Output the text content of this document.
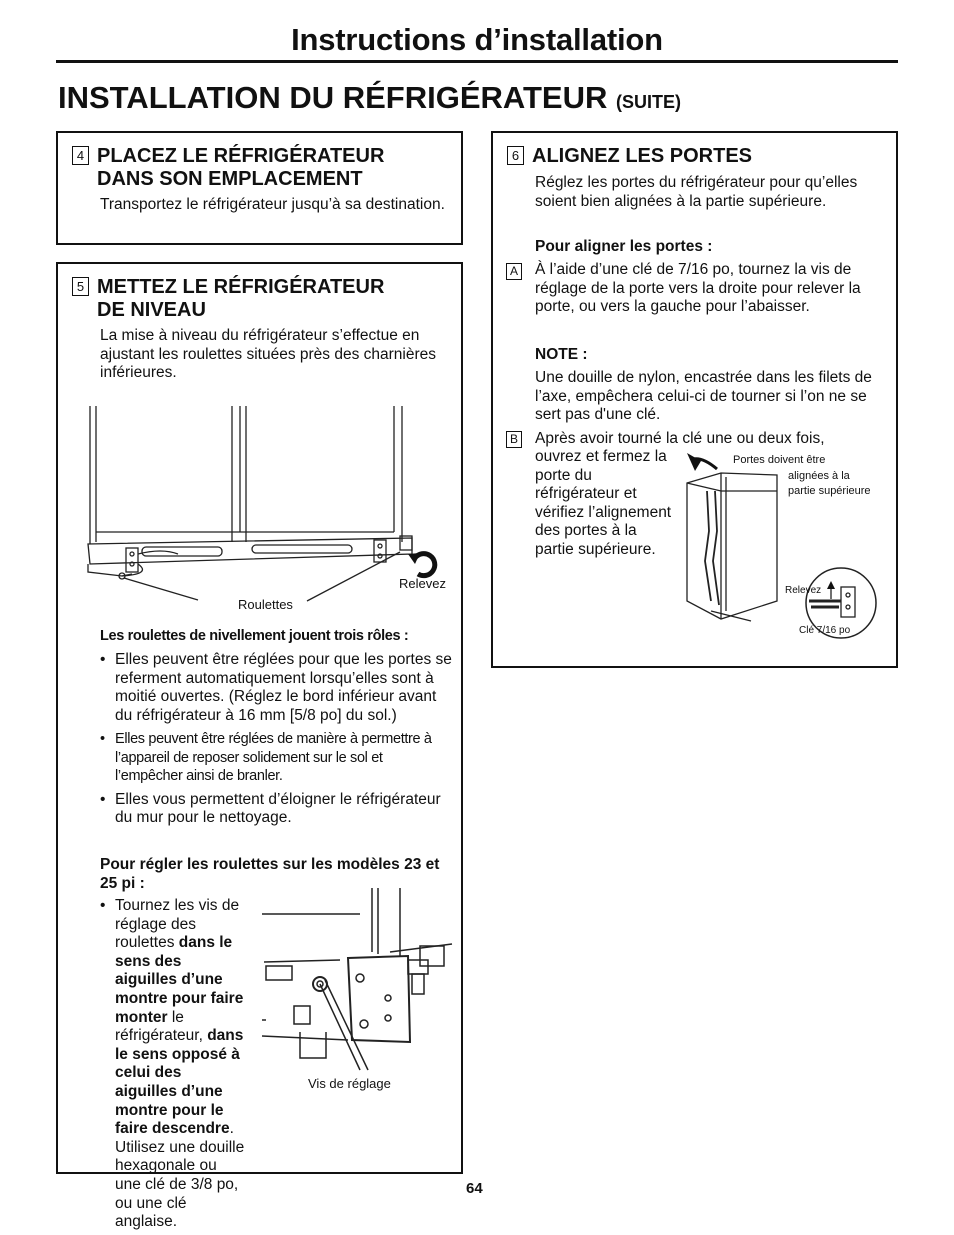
Instructions d’installation
INSTALLATION DU RÉFRIGÉRATEUR (SUITE)
4 PLACEZ LE RÉFRIGÉRATEUR
DANS SON EMPLACEMENT
Transportez le réfrigérateur jusqu’à sa destination.
5 METTEZ LE RÉFRIGÉRATEUR
DE NIVEAU
La mise à niveau du réfrigérateur s’effectue en ajustant les roulettes situées près des charnières inférieures.
Relevez
Roulettes
Les roulettes de nivellement jouent trois rôles :
• Elles peuvent être réglées pour que les portes se referment automatiquement lorsqu’elles sont à moitié ouvertes. (Réglez le bord inférieur avant du réfrigérateur à 16 mm [5/8 po] du sol.)
• Elles peuvent être réglées de manière à permettre à l’appareil de reposer solidement sur le sol et l’empêcher ainsi de branler.
• Elles vous permettent d’éloigner le réfrigérateur du mur pour le nettoyage.
Pour régler les roulettes sur les modèles 23 et 25 pi :
• Tournez les vis de réglage des roulettes dans le sens des aiguilles d’une montre pour faire monter le réfrigérateur, dans le sens opposé à celui des aiguilles d’une montre pour le faire descendre. Utilisez une douille hexagonale ou une clé de 3/8 po, ou une clé anglaise.
Vis de réglage
6 ALIGNEZ LES PORTES
Réglez les portes du réfrigérateur pour qu’elles soient bien alignées à la partie supérieure.
Pour aligner les portes :
A À l’aide d’une clé de 7/16 po, tournez la vis de réglage de la porte vers la droite pour relever la porte, ou vers la gauche pour l’abaisser.
NOTE :
Une douille de nylon, encastrée dans les filets de l’axe, empêchera celui-ci de tourner si l’on ne se sert pas d'une clé.
B Après avoir tourné la clé une ou deux fois,
ouvrez et fermez la porte du réfrigérateur et vérifiez l’alignement des portes à la partie supérieure.
Portes doivent être
alignées à la partie supérieure
Relevez
Clé 7/16 po
64
